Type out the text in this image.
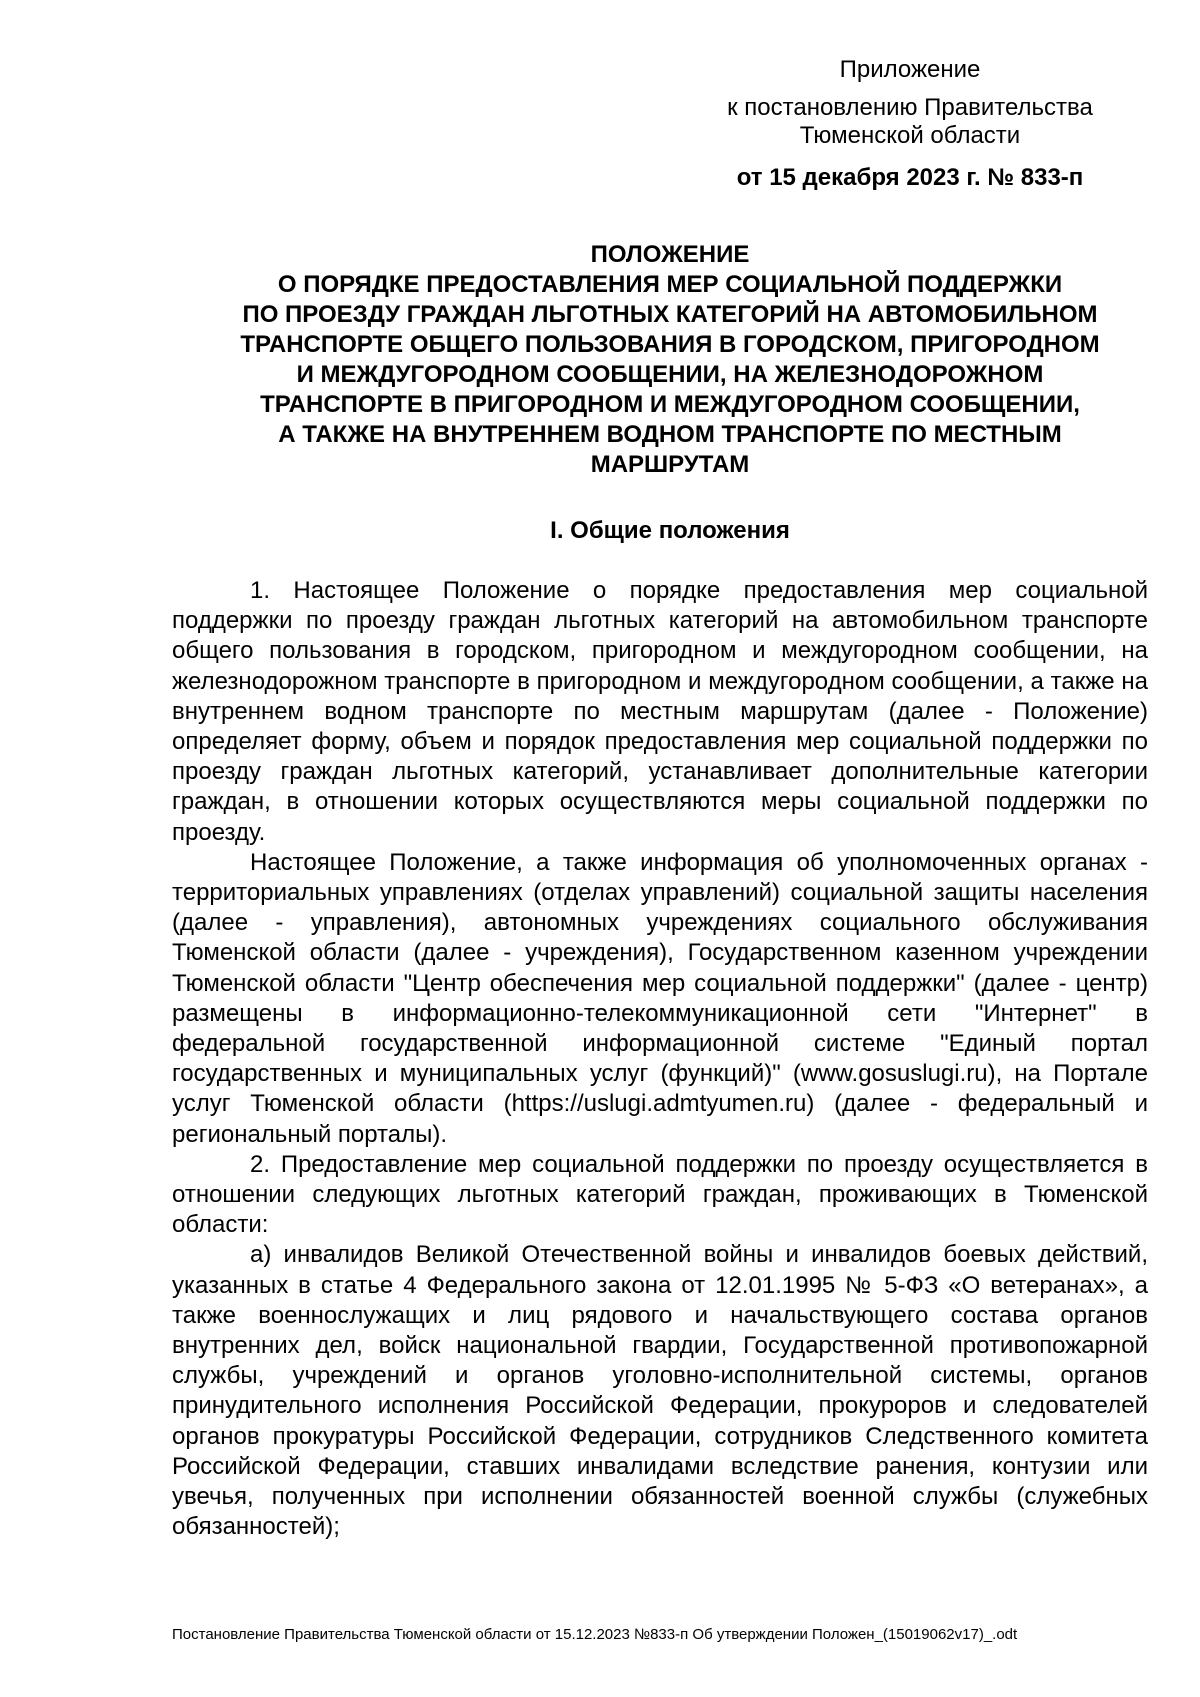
Приложение
к постановлению Правительства
Тюменской области
от 15 декабря 2023 г. № 833-п
ПОЛОЖЕНИЕ
О ПОРЯДКЕ ПРЕДОСТАВЛЕНИЯ МЕР СОЦИАЛЬНОЙ ПОДДЕРЖКИ
ПО ПРОЕЗДУ ГРАЖДАН ЛЬГОТНЫХ КАТЕГОРИЙ НА АВТОМОБИЛЬНОМ
ТРАНСПОРТЕ ОБЩЕГО ПОЛЬЗОВАНИЯ В ГОРОДСКОМ, ПРИГОРОДНОМ
И МЕЖДУГОРОДНОМ СООБЩЕНИИ, НА ЖЕЛЕЗНОДОРОЖНОМ
ТРАНСПОРТЕ В ПРИГОРОДНОМ И МЕЖДУГОРОДНОМ СООБЩЕНИИ,
А ТАКЖЕ НА ВНУТРЕННЕМ ВОДНОМ ТРАНСПОРТЕ ПО МЕСТНЫМ
МАРШРУТАМ
I. Общие положения

1. Настоящее Положение о порядке предоставления мер социальной поддержки по проезду граждан льготных категорий на автомобильном транспорте общего пользования в городском, пригородном и междугородном сообщении, на железнодорожном транспорте в пригородном и междугородном сообщении, а также на внутреннем водном транспорте по местным маршрутам (далее - Положение) определяет форму, объем и порядок предоставления мер социальной поддержки по проезду граждан льготных категорий, устанавливает дополнительные категории граждан, в отношении которых осуществляются меры социальной поддержки по проезду.

Настоящее Положение, а также информация об уполномоченных органах - территориальных управлениях (отделах управлений) социальной защиты населения (далее - управления), автономных учреждениях социального обслуживания Тюменской области (далее - учреждения), Государственном казенном учреждении Тюменской области "Центр обеспечения мер социальной поддержки" (далее - центр) размещены в информационно-телекоммуникационной сети "Интернет" в федеральной государственной информационной системе "Единый портал государственных и муниципальных услуг (функций)" (www.gosuslugi.ru), на Портале услуг Тюменской области (https://uslugi.admtyumen.ru) (далее - федеральный и региональный порталы).

2. Предоставление мер социальной поддержки по проезду осуществляется в отношении следующих льготных категорий граждан, проживающих в Тюменской области:

а) инвалидов Великой Отечественной войны и инвалидов боевых действий, указанных в статье 4 Федерального закона от 12.01.1995 № 5-ФЗ «О ветеранах», а также военнослужащих и лиц рядового и начальствующего состава органов внутренних дел, войск национальной гвардии, Государственной противопожарной службы, учреждений и органов уголовно-исполнительной системы, органов принудительного исполнения Российской Федерации, прокуроров и следователей органов прокуратуры Российской Федерации, сотрудников Следственного комитета Российской Федерации, ставших инвалидами вследствие ранения, контузии или увечья, полученных при исполнении обязанностей военной службы (служебных обязанностей);

Постановление Правительства Тюменской области от 15.12.2023 №833-п Об утверждении Положен_(15019062v17)_.odt
